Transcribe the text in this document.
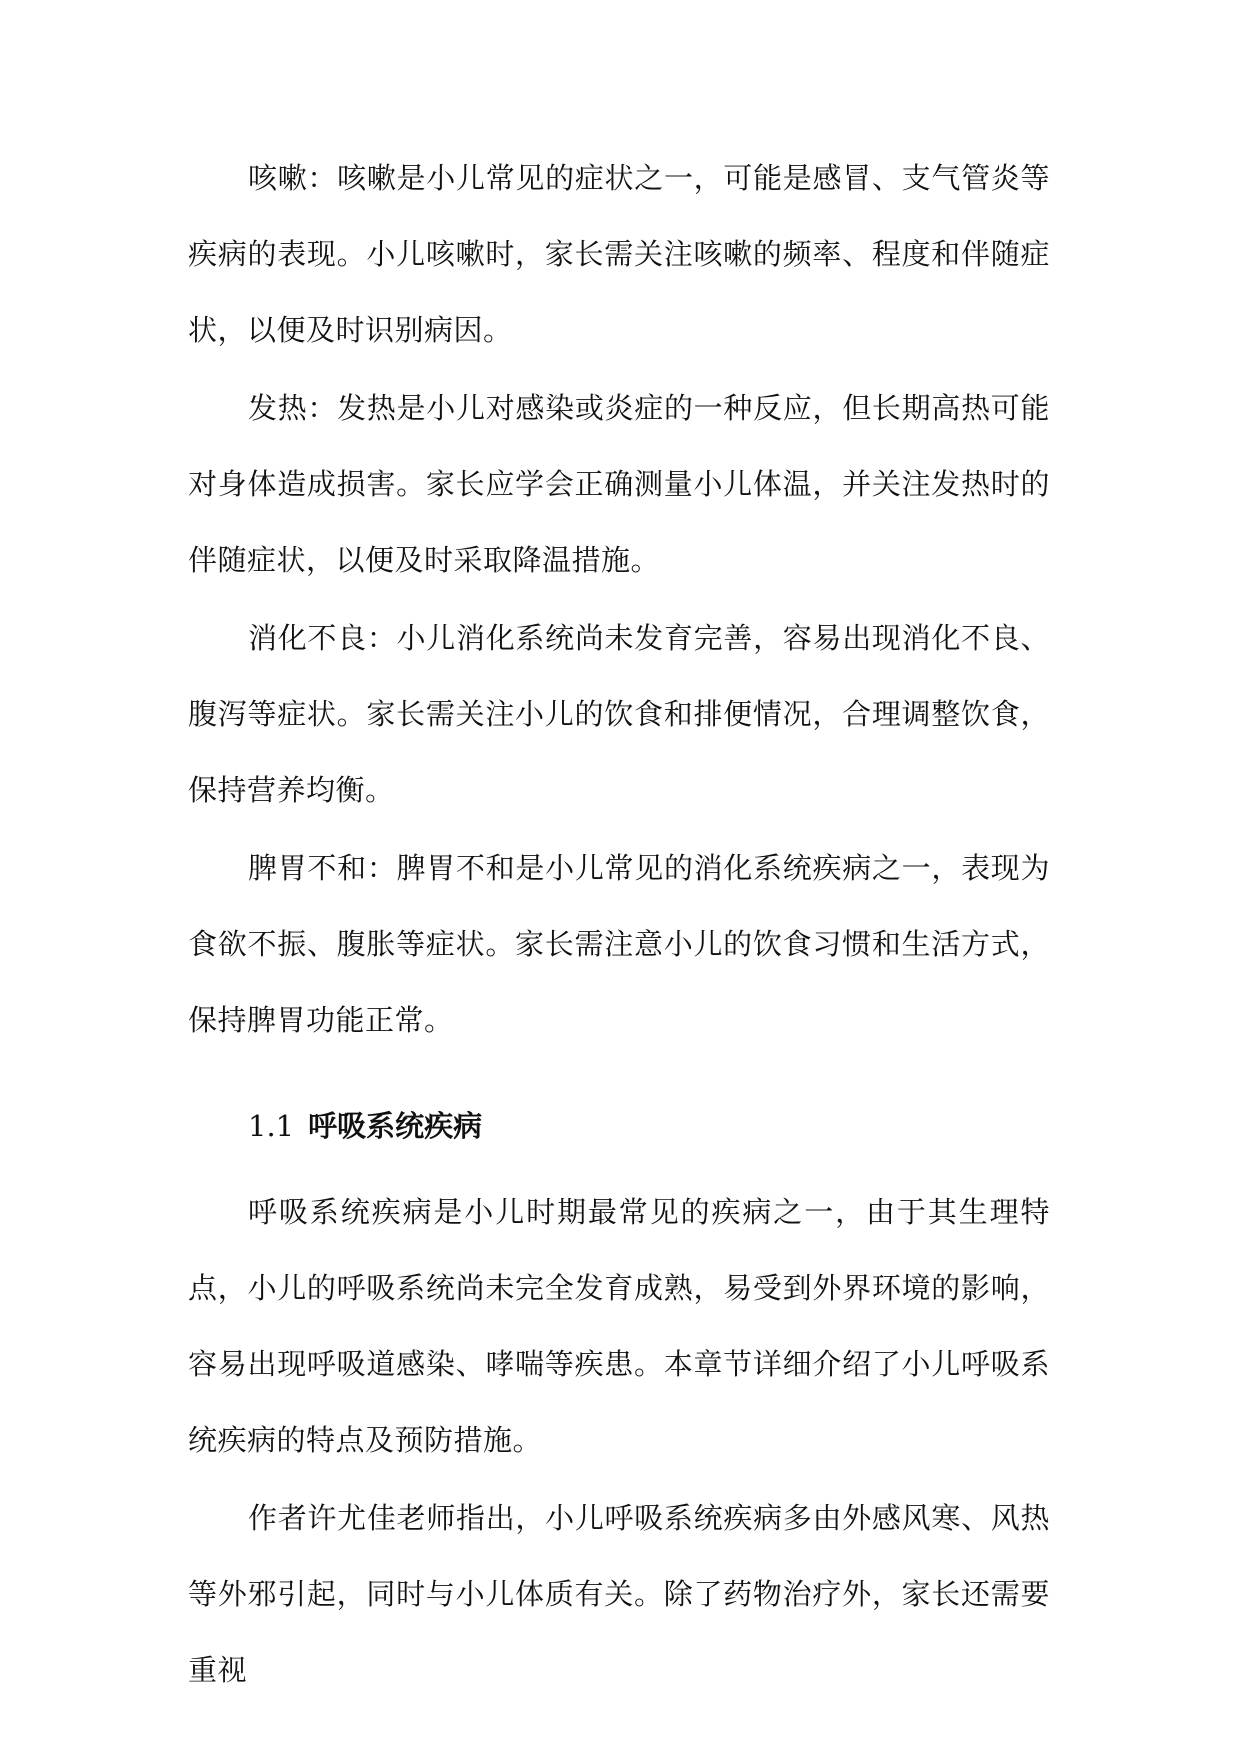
咳嗽：咳嗽是小儿常见的症状之一，可能是感冒、支气管炎等疾病的表现。小儿咳嗽时，家长需关注咳嗽的频率、程度和伴随症状，以便及时识别病因。

发热：发热是小儿对感染或炎症的一种反应，但长期高热可能对身体造成损害。家长应学会正确测量小儿体温，并关注发热时的伴随症状，以便及时采取降温措施。

消化不良：小儿消化系统尚未发育完善，容易出现消化不良、腹泻等症状。家长需关注小儿的饮食和排便情况，合理调整饮食，保持营养均衡。

脾胃不和：脾胃不和是小儿常见的消化系统疾病之一，表现为食欲不振、腹胀等症状。家长需注意小儿的饮食习惯和生活方式，保持脾胃功能正常。

1.1 呼吸系统疾病

呼吸系统疾病是小儿时期最常见的疾病之一，由于其生理特点，小儿的呼吸系统尚未完全发育成熟，易受到外界环境的影响，容易出现呼吸道感染、哮喘等疾患。本章节详细介绍了小儿呼吸系统疾病的特点及预防措施。

作者许尤佳老师指出，小儿呼吸系统疾病多由外感风寒、风热等外邪引起，同时与小儿体质有关。除了药物治疗外，家长还需要重视
